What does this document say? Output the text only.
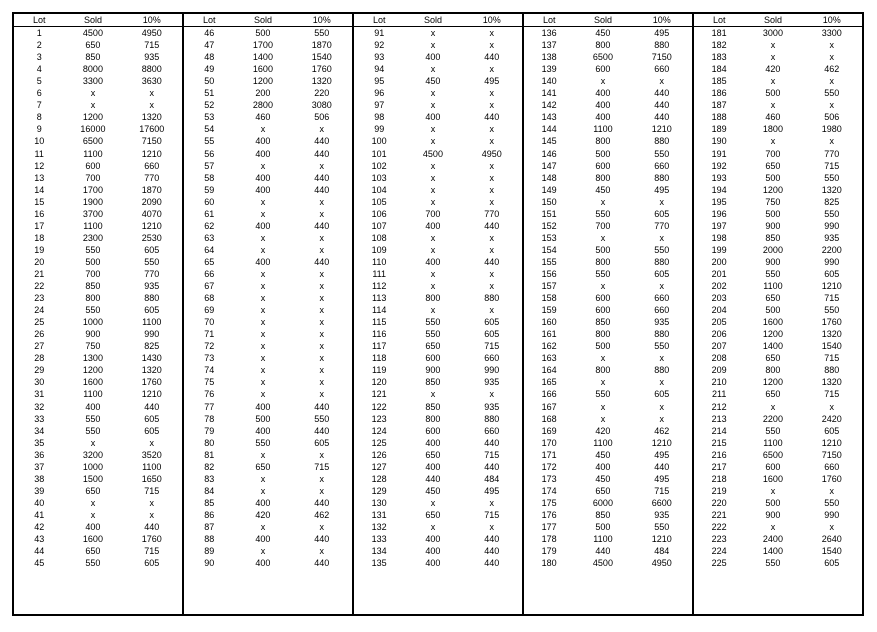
Lot	Sold	10%
1	4500	4950
2	650	715
3	850	935
4	8000	8800
5	3300	3630
6	x	x
7	x	x
8	1200	1320
9	16000	17600
10	6500	7150
11	1100	1210
12	600	660
13	700	770
14	1700	1870
15	1900	2090
16	3700	4070
17	1100	1210
18	2300	2530
19	550	605
20	500	550
21	700	770
22	850	935
23	800	880
24	550	605
25	1000	1100
26	900	990
27	750	825
28	1300	1430
29	1200	1320
30	1600	1760
31	1100	1210
32	400	440
33	550	605
34	550	605
35	x	x
36	3200	3520
37	1000	1100
38	1500	1650
39	650	715
40	x	x
41	x	x
42	400	440
43	1600	1760
44	650	715
45	550	605
Lot	Sold	10%
46	500	550
47	1700	1870
48	1400	1540
49	1600	1760
50	1200	1320
51	200	220
52	2800	3080
53	460	506
54	x	x
55	400	440
56	400	440
57	x	x
58	400	440
59	400	440
60	x	x
61	x	x
62	400	440
63	x	x
64	x	x
65	400	440
66	x	x
67	x	x
68	x	x
69	x	x
70	x	x
71	x	x
72	x	x
73	x	x
74	x	x
75	x	x
76	x	x
77	400	440
78	500	550
79	400	440
80	550	605
81	x	x
82	650	715
83	x	x
84	x	x
85	400	440
86	420	462
87	x	x
88	400	440
89	x	x
90	400	440
Lot	Sold	10%
91	x	x
92	x	x
93	400	440
94	x	x
95	450	495
96	x	x
97	x	x
98	400	440
99	x	x
100	x	x
101	4500	4950
102	x	x
103	x	x
104	x	x
105	x	x
106	700	770
107	400	440
108	x	x
109	x	x
110	400	440
111	x	x
112	x	x
113	800	880
114	x	x
115	550	605
116	550	605
117	650	715
118	600	660
119	900	990
120	850	935
121	x	x
122	850	935
123	800	880
124	600	660
125	400	440
126	650	715
127	400	440
128	440	484
129	450	495
130	x	x
131	650	715
132	x	x
133	400	440
134	400	440
135	400	440
Lot	Sold	10%
136	450	495
137	800	880
138	6500	7150
139	600	660
140	x	x
141	400	440
142	400	440
143	400	440
144	1100	1210
145	800	880
146	500	550
147	600	660
148	800	880
149	450	495
150	x	x
151	550	605
152	700	770
153	x	x
154	500	550
155	800	880
156	550	605
157	x	x
158	600	660
159	600	660
160	850	935
161	800	880
162	500	550
163	x	x
164	800	880
165	x	x
166	550	605
167	x	x
168	x	x
169	420	462
170	1100	1210
171	450	495
172	400	440
173	450	495
174	650	715
175	6000	6600
176	850	935
177	500	550
178	1100	1210
179	440	484
180	4500	4950
Lot	Sold	10%
181	3000	3300
182	x	x
183	x	x
184	420	462
185	x	x
186	500	550
187	x	x
188	460	506
189	1800	1980
190	x	x
191	700	770
192	650	715
193	500	550
194	1200	1320
195	750	825
196	500	550
197	900	990
198	850	935
199	2000	2200
200	900	990
201	550	605
202	1100	1210
203	650	715
204	500	550
205	1600	1760
206	1200	1320
207	1400	1540
208	650	715
209	800	880
210	1200	1320
211	650	715
212	x	x
213	2200	2420
214	550	605
215	1100	1210
216	6500	7150
217	600	660
218	1600	1760
219	x	x
220	500	550
221	900	990
222	x	x
223	2400	2640
224	1400	1540
225	550	605
